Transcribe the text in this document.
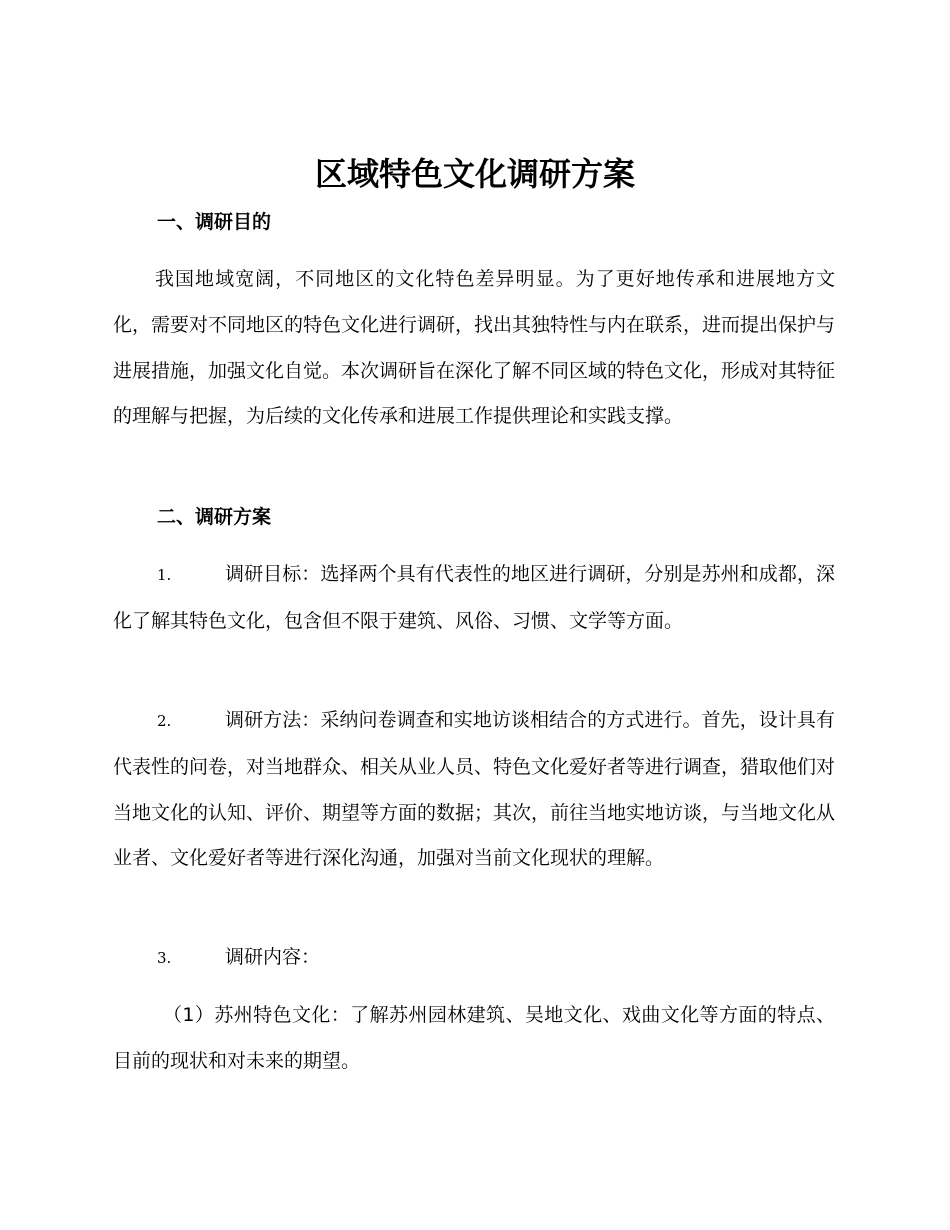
区域特色文化调研方案
一、调研目的

我国地域宽阔，不同地区的文化特色差异明显。为了更好地传承和进展地方文化，需要对不同地区的特色文化进行调研，找出其独特性与内在联系，进而提出保护与进展措施，加强文化自觉。本次调研旨在深化了解不同区域的特色文化，形成对其特征的理解与把握，为后续的文化传承和进展工作提供理论和实践支撑。

二、调研方案

1.	调研目标：选择两个具有代表性的地区进行调研，分别是苏州和成都，深化了解其特色文化，包含但不限于建筑、风俗、习惯、文学等方面。

2.	调研方法：采纳问卷调查和实地访谈相结合的方式进行。首先，设计具有代表性的问卷，对当地群众、相关从业人员、特色文化爱好者等进行调查，猎取他们对当地文化的认知、评价、期望等方面的数据；其次，前往当地实地访谈，与当地文化从业者、文化爱好者等进行深化沟通，加强对当前文化现状的理解。

3.	调研内容：

（1）苏州特色文化：了解苏州园林建筑、吴地文化、戏曲文化等方面的特点、目前的现状和对未来的期望。
